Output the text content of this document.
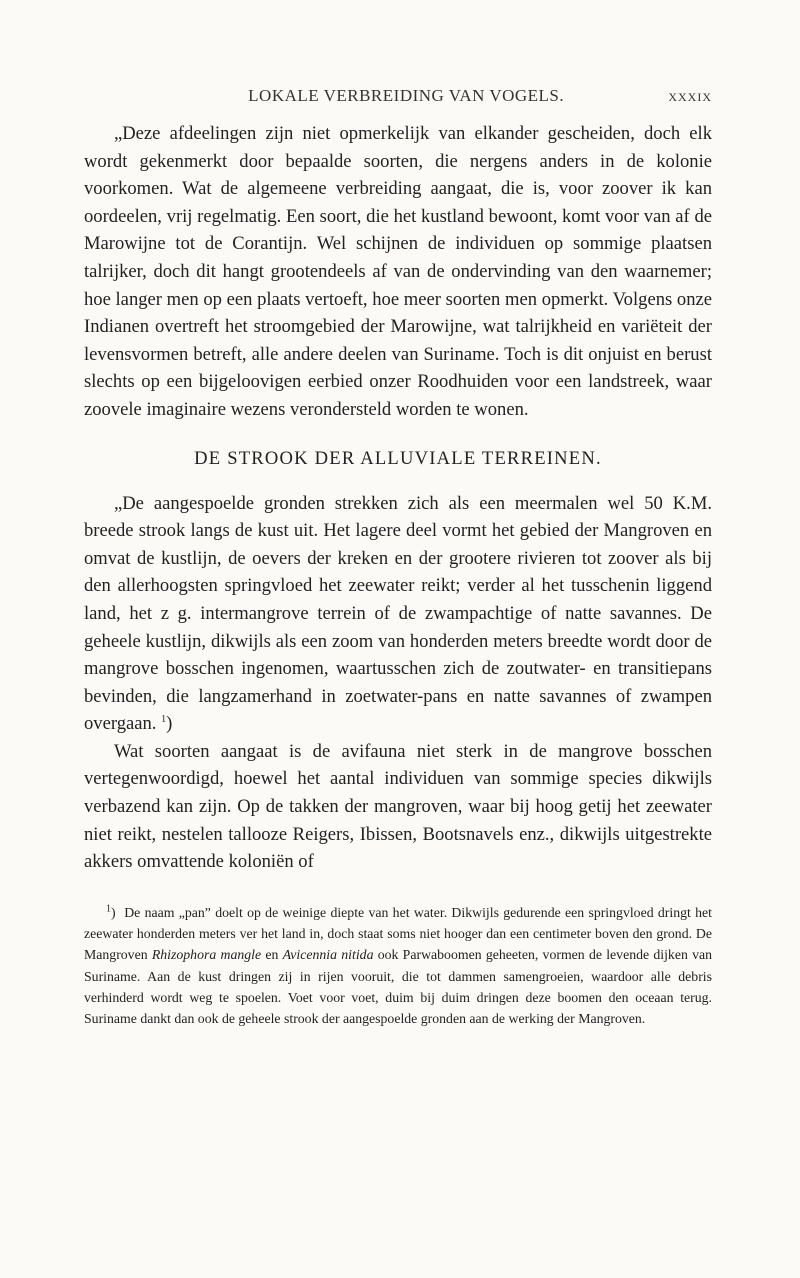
LOKALE VERBREIDING VAN VOGELS.	XXXIX

„Deze afdeelingen zijn niet opmerkelijk van elkander gescheiden, doch elk wordt gekenmerkt door bepaalde soorten, die nergens anders in de kolonie voorkomen. Wat de algemeene verbreiding aangaat, die is, voor zoover ik kan oordeelen, vrij regelmatig. Een soort, die het kustland bewoont, komt voor van af de Marowijne tot de Corantijn. Wel schijnen de individuen op sommige plaatsen talrijker, doch dit hangt grootendeels af van de ondervinding van den waarnemer; hoe langer men op een plaats vertoeft, hoe meer soorten men opmerkt. Volgens onze Indianen overtreft het stroomgebied der Marowijne, wat talrijkheid en variëteit der levensvormen betreft, alle andere deelen van Suriname. Toch is dit onjuist en berust slechts op een bijgeloovigen eerbied onzer Roodhuiden voor een landstreek, waar zoovele imaginaire wezens verondersteld worden te wonen.

DE STROOK DER ALLUVIALE TERREINEN.

„De aangespoelde gronden strekken zich als een meermalen wel 50 K.M. breede strook langs de kust uit. Het lagere deel vormt het gebied der Mangroven en omvat de kustlijn, de oevers der kreken en der grootere rivieren tot zoover als bij den allerhoogsten springvloed het zeewater reikt; verder al het tusschenin liggend land, het z g. intermangrove terrein of de zwampachtige of natte savannes. De geheele kustlijn, dikwijls als een zoom van honderden meters breedte wordt door de mangrove bosschen ingenomen, waartusschen zich de zoutwater- en transitiepans bevinden, die langzamerhand in zoetwater-pans en natte savannes of zwampen overgaan. $^1$)

Wat soorten aangaat is de avifauna niet sterk in de mangrove bosschen vertegenwoordigd, hoewel het aantal individuen van sommige species dikwijls verbazend kan zijn. Op de takken der mangroven, waar bij hoog getij het zeewater niet reikt, nestelen tallooze Reigers, Ibissen, Bootsnavels enz., dikwijls uitgestrekte akkers omvattende koloniën of

$^1$)  De naam „pan” doelt op de weinige diepte van het water. Dikwijls gedurende een springvloed dringt het zeewater honderden meters ver het land in, doch staat soms niet hooger dan een centimeter boven den grond. De Mangroven Rhizophora mangle en Avicennia nitida ook Parwaboomen geheeten, vormen de levende dijken van Suriname. Aan de kust dringen zij in rijen vooruit, die tot dammen samengroeien, waardoor alle debris verhinderd wordt weg te spoelen. Voet voor voet, duim bij duim dringen deze boomen den oceaan terug. Suriname dankt dan ook de geheele strook der aangespoelde gronden aan de werking der Mangroven.
